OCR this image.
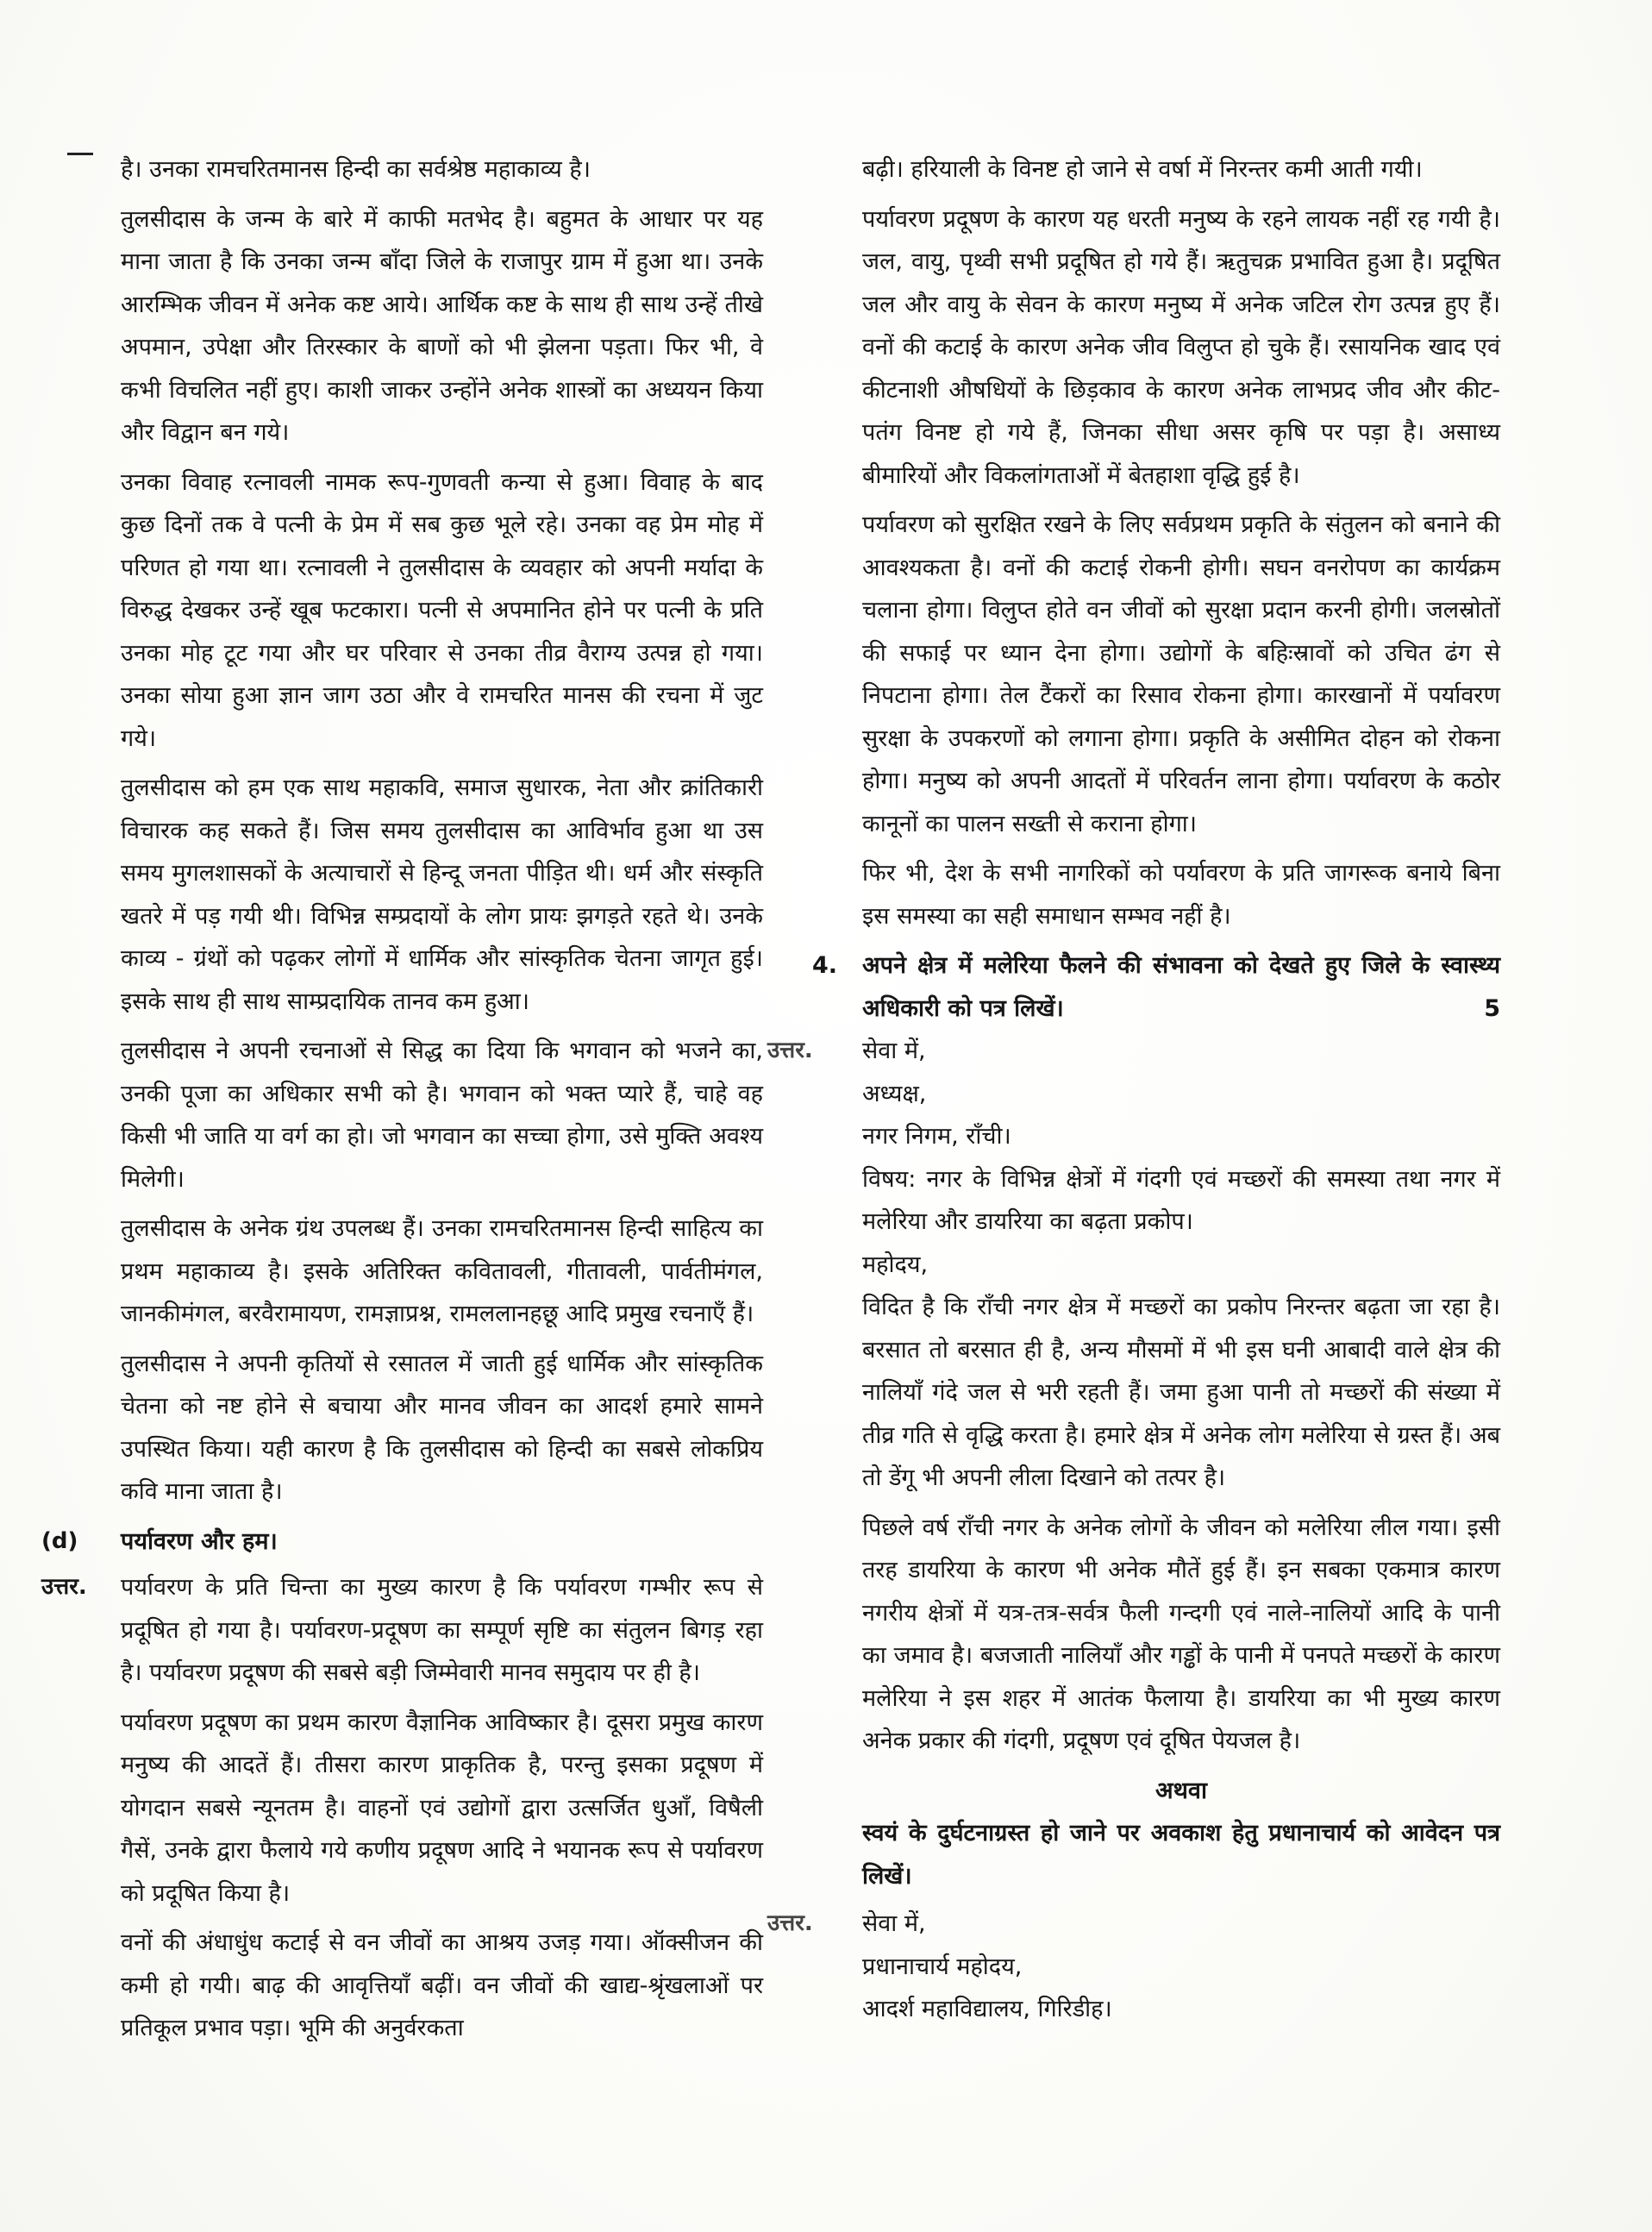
है। उनका रामचरितमानस हिन्दी का सर्वश्रेष्ठ महाकाव्य है।

तुलसीदास के जन्म के बारे में काफी मतभेद है। बहुमत के आधार पर यह माना जाता है कि उनका जन्म बाँदा जिले के राजापुर ग्राम में हुआ था। उनके आरम्भिक जीवन में अनेक कष्ट आये। आर्थिक कष्ट के साथ ही साथ उन्हें तीखे अपमान, उपेक्षा और तिरस्कार के बाणों को भी झेलना पड़ता। फिर भी, वे कभी विचलित नहीं हुए। काशी जाकर उन्होंने अनेक शास्त्रों का अध्ययन किया और विद्वान बन गये।

उनका विवाह रत्नावली नामक रूप-गुणवती कन्या से हुआ। विवाह के बाद कुछ दिनों तक वे पत्नी के प्रेम में सब कुछ भूले रहे। उनका वह प्रेम मोह में परिणत हो गया था। रत्नावली ने तुलसीदास के व्यवहार को अपनी मर्यादा के विरुद्ध देखकर उन्हें खूब फटकारा। पत्नी से अपमानित होने पर पत्नी के प्रति उनका मोह टूट गया और घर परिवार से उनका तीव्र वैराग्य उत्पन्न हो गया। उनका सोया हुआ ज्ञान जाग उठा और वे रामचरित मानस की रचना में जुट गये।

तुलसीदास को हम एक साथ महाकवि, समाज सुधारक, नेता और क्रांतिकारी विचारक कह सकते हैं। जिस समय तुलसीदास का आविर्भाव हुआ था उस समय मुगलशासकों के अत्याचारों से हिन्दू जनता पीड़ित थी। धर्म और संस्कृति खतरे में पड़ गयी थी। विभिन्न सम्प्रदायों के लोग प्रायः झगड़ते रहते थे। उनके काव्य - ग्रंथों को पढ़कर लोगों में धार्मिक और सांस्कृतिक चेतना जागृत हुई। इसके साथ ही साथ साम्प्रदायिक तानव कम हुआ।

तुलसीदास ने अपनी रचनाओं से सिद्ध का दिया कि भगवान को भजने का, उनकी पूजा का अधिकार सभी को है। भगवान को भक्त प्यारे हैं, चाहे वह किसी भी जाति या वर्ग का हो। जो भगवान का सच्चा होगा, उसे मुक्ति अवश्य मिलेगी।

तुलसीदास के अनेक ग्रंथ उपलब्ध हैं। उनका रामचरितमानस हिन्दी साहित्य का प्रथम महाकाव्य है। इसके अतिरिक्त कवितावली, गीतावली, पार्वतीमंगल, जानकीमंगल, बरवैरामायण, रामज्ञाप्रश्न, रामललानहछू आदि प्रमुख रचनाएँ हैं।

तुलसीदास ने अपनी कृतियों से रसातल में जाती हुई धार्मिक और सांस्कृतिक चेतना को नष्ट होने से बचाया और मानव जीवन का आदर्श हमारे सामने उपस्थित किया। यही कारण है कि तुलसीदास को हिन्दी का सबसे लोकप्रिय कवि माना जाता है।

(d) पर्यावरण और हम।
उत्तर. पर्यावरण के प्रति चिन्ता का मुख्य कारण है कि पर्यावरण गम्भीर रूप से प्रदूषित हो गया है। पर्यावरण-प्रदूषण का सम्पूर्ण सृष्टि का संतुलन बिगड़ रहा है। पर्यावरण प्रदूषण की सबसे बड़ी जिम्मेवारी मानव समुदाय पर ही है।

पर्यावरण प्रदूषण का प्रथम कारण वैज्ञानिक आविष्कार है। दूसरा प्रमुख कारण मनुष्य की आदतें हैं। तीसरा कारण प्राकृतिक है, परन्तु इसका प्रदूषण में योगदान सबसे न्यूनतम है। वाहनों एवं उद्योगों द्वारा उत्सर्जित धुआँ, विषैली गैसें, उनके द्वारा फैलाये गये कणीय प्रदूषण आदि ने भयानक रूप से पर्यावरण को प्रदूषित किया है।

वनों की अंधाधुंध कटाई से वन जीवों का आश्रय उजड़ गया। ऑक्सीजन की कमी हो गयी। बाढ़ की आवृत्तियाँ बढ़ीं। वन जीवों की खाद्य-श्रृंखलाओं पर प्रतिकूल प्रभाव पड़ा। भूमि की अनुर्वरकता

बढ़ी। हरियाली के विनष्ट हो जाने से वर्षा में निरन्तर कमी आती गयी।

पर्यावरण प्रदूषण के कारण यह धरती मनुष्य के रहने लायक नहीं रह गयी है। जल, वायु, पृथ्वी सभी प्रदूषित हो गये हैं। ऋतुचक्र प्रभावित हुआ है। प्रदूषित जल और वायु के सेवन के कारण मनुष्य में अनेक जटिल रोग उत्पन्न हुए हैं। वनों की कटाई के कारण अनेक जीव विलुप्त हो चुके हैं। रसायनिक खाद एवं कीटनाशी औषधियों के छिड़काव के कारण अनेक लाभप्रद जीव और कीट-पतंग विनष्ट हो गये हैं, जिनका सीधा असर कृषि पर पड़ा है। असाध्य बीमारियों और विकलांगताओं में बेतहाशा वृद्धि हुई है।

पर्यावरण को सुरक्षित रखने के लिए सर्वप्रथम प्रकृति के संतुलन को बनाने की आवश्यकता है। वनों की कटाई रोकनी होगी। सघन वनरोपण का कार्यक्रम चलाना होगा। विलुप्त होते वन जीवों को सुरक्षा प्रदान करनी होगी। जलस्रोतों की सफाई पर ध्यान देना होगा। उद्योगों के बहिःस्रावों को उचित ढंग से निपटाना होगा। तेल टैंकरों का रिसाव रोकना होगा। कारखानों में पर्यावरण सुरक्षा के उपकरणों को लगाना होगा। प्रकृति के असीमित दोहन को रोकना होगा। मनुष्य को अपनी आदतों में परिवर्तन लाना होगा। पर्यावरण के कठोर कानूनों का पालन सख्ती से कराना होगा।

फिर भी, देश के सभी नागरिकों को पर्यावरण के प्रति जागरूक बनाये बिना इस समस्या का सही समाधान सम्भव नहीं है।

4. अपने क्षेत्र में मलेरिया फैलने की संभावना को देखते हुए जिले के स्वास्थ्य अधिकारी को पत्र लिखें।	5
उत्तर. सेवा में,
अध्यक्ष,
नगर निगम, राँची।

विषय: नगर के विभिन्न क्षेत्रों में गंदगी एवं मच्छरों की समस्या तथा नगर में मलेरिया और डायरिया का बढ़ता प्रकोप।

महोदय,

विदित है कि राँची नगर क्षेत्र में मच्छरों का प्रकोप निरन्तर बढ़ता जा रहा है। बरसात तो बरसात ही है, अन्य मौसमों में भी इस घनी आबादी वाले क्षेत्र की नालियाँ गंदे जल से भरी रहती हैं। जमा हुआ पानी तो मच्छरों की संख्या में तीव्र गति से वृद्धि करता है। हमारे क्षेत्र में अनेक लोग मलेरिया से ग्रस्त हैं। अब तो डेंगू भी अपनी लीला दिखाने को तत्पर है।

पिछले वर्ष राँची नगर के अनेक लोगों के जीवन को मलेरिया लील गया। इसी तरह डायरिया के कारण भी अनेक मौतें हुई हैं। इन सबका एकमात्र कारण नगरीय क्षेत्रों में यत्र-तत्र-सर्वत्र फैली गन्दगी एवं नाले-नालियों आदि के पानी का जमाव है। बजजाती नालियाँ और गड्ढों के पानी में पनपते मच्छरों के कारण मलेरिया ने इस शहर में आतंक फैलाया है। डायरिया का भी मुख्य कारण अनेक प्रकार की गंदगी, प्रदूषण एवं दूषित पेयजल है।

अथवा

स्वयं के दुर्घटनाग्रस्त हो जाने पर अवकाश हेतु प्रधानाचार्य को आवेदन पत्र लिखें।

उत्तर. सेवा में,
प्रधानाचार्य महोदय,
आदर्श महाविद्यालय, गिरिडीह।
